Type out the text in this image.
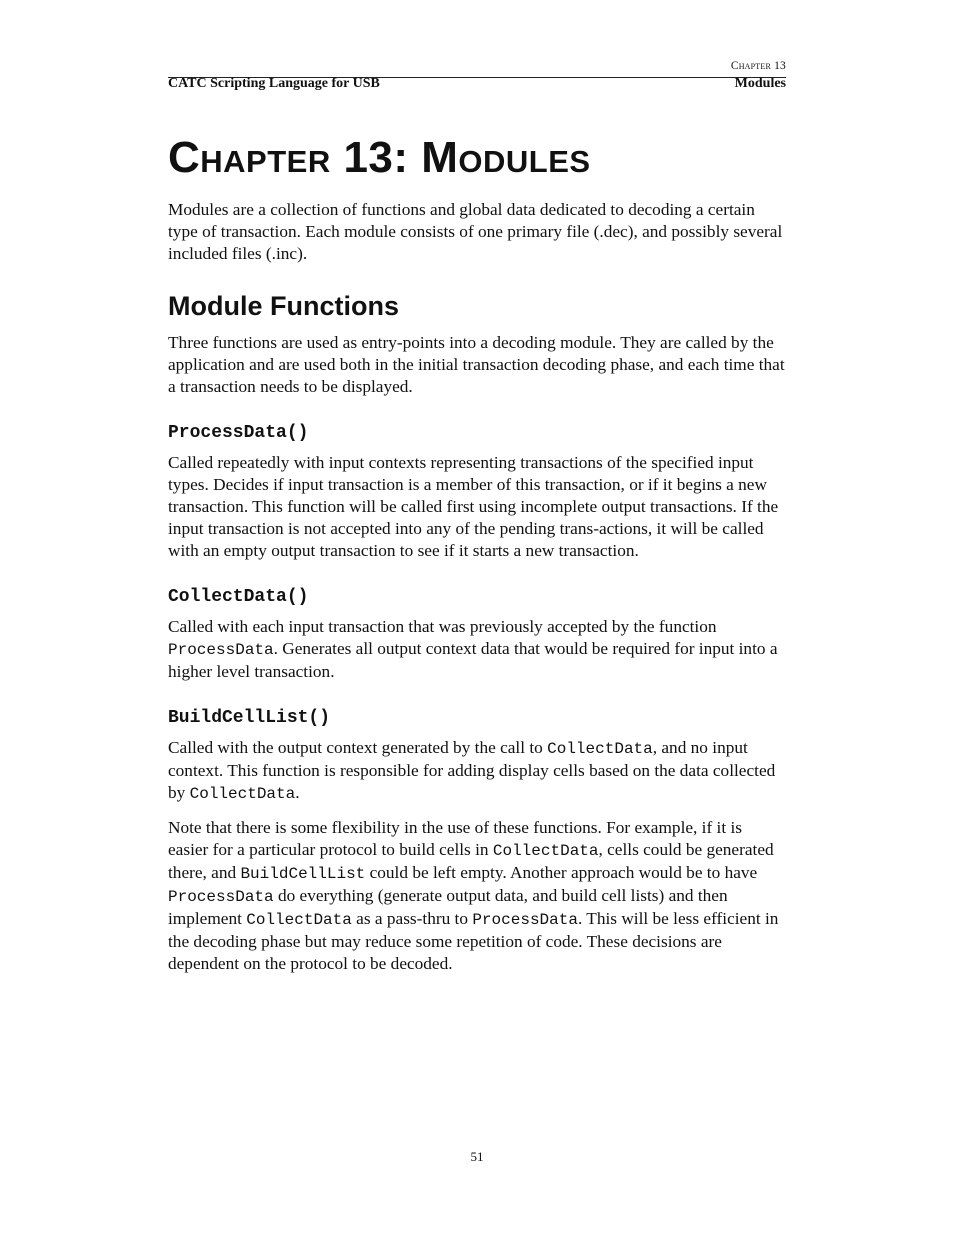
Chapter 13
CATC Scripting Language for USB	Modules
Chapter 13: Modules

Modules are a collection of functions and global data dedicated to decoding a certain type of transaction. Each module consists of one primary file (.dec), and possibly several included files (.inc).

Module Functions

Three functions are used as entry-points into a decoding module. They are called by the application and are used both in the initial transaction decoding phase, and each time that a transaction needs to be displayed.

ProcessData()

Called repeatedly with input contexts representing transactions of the specified input types. Decides if input transaction is a member of this transaction, or if it begins a new transaction. This function will be called first using incomplete output transactions. If the input transaction is not accepted into any of the pending trans-actions, it will be called with an empty output transaction to see if it starts a new transaction.

CollectData()

Called with each input transaction that was previously accepted by the function ProcessData. Generates all output context data that would be required for input into a higher level transaction.

BuildCellList()

Called with the output context generated by the call to CollectData, and no input context. This function is responsible for adding display cells based on the data collected by CollectData.

Note that there is some flexibility in the use of these functions. For example, if it is easier for a particular protocol to build cells in CollectData, cells could be generated there, and BuildCellList could be left empty. Another approach would be to have ProcessData do everything (generate output data, and build cell lists) and then implement CollectData as a pass-thru to ProcessData. This will be less efficient in the decoding phase but may reduce some repetition of code. These decisions are dependent on the protocol to be decoded.

51
